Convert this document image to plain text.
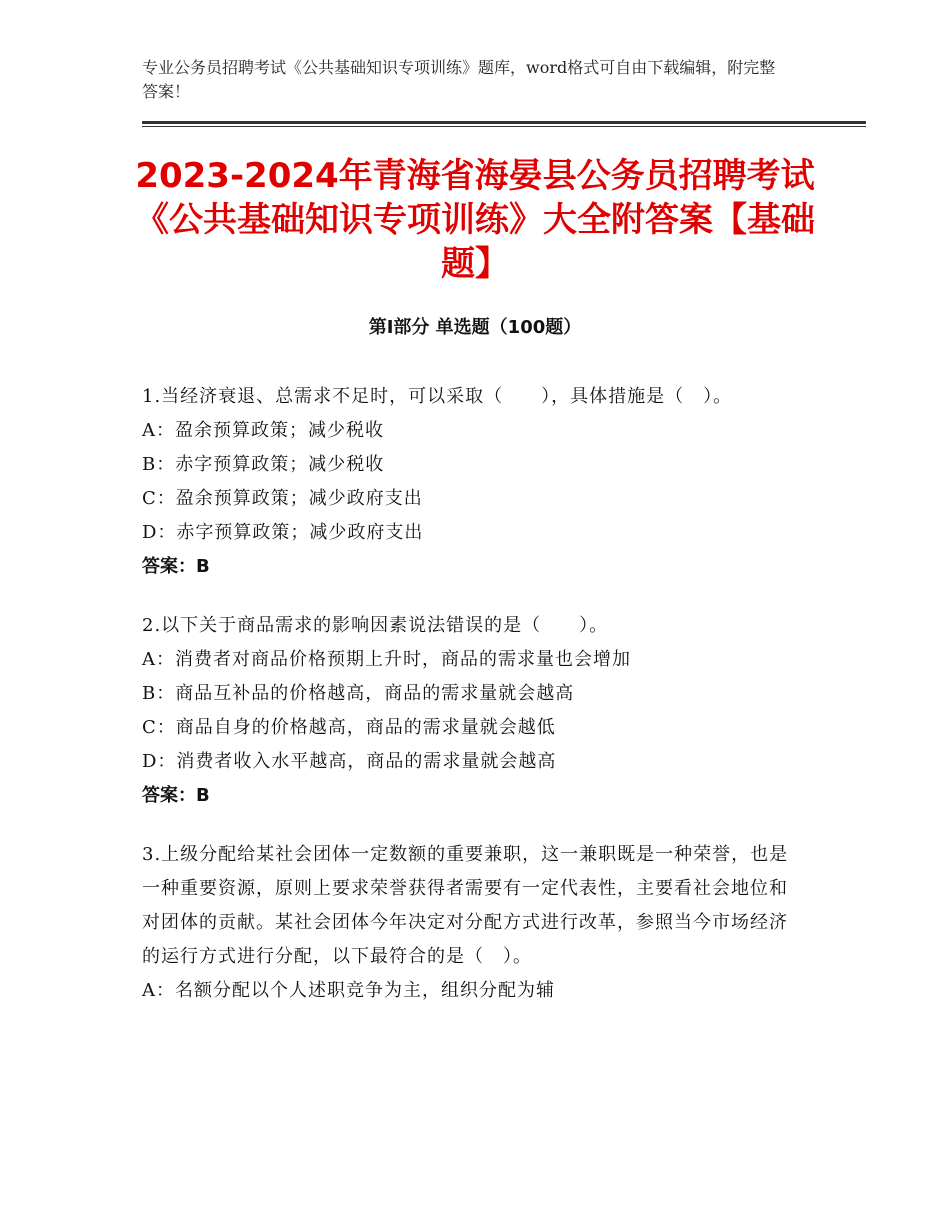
专业公务员招聘考试《公共基础知识专项训练》题库，word格式可自由下载编辑，附完整答案！
2023-2024年青海省海晏县公务员招聘考试《公共基础知识专项训练》大全附答案【基础题】
第Ⅰ部分 单选题（100题）
1.当经济衰退、总需求不足时，可以采取（　　），具体措施是（　）。
A：盈余预算政策；减少税收
B：赤字预算政策；减少税收
C：盈余预算政策；减少政府支出
D：赤字预算政策；减少政府支出
答案：B
2.以下关于商品需求的影响因素说法错误的是（　　）。
A：消费者对商品价格预期上升时，商品的需求量也会增加
B：商品互补品的价格越高，商品的需求量就会越高
C：商品自身的价格越高，商品的需求量就会越低
D：消费者收入水平越高，商品的需求量就会越高
答案：B
3.上级分配给某社会团体一定数额的重要兼职，这一兼职既是一种荣誉，也是一种重要资源，原则上要求荣誉获得者需要有一定代表性，主要看社会地位和对团体的贡献。某社会团体今年决定对分配方式进行改革，参照当今市场经济的运行方式进行分配，以下最符合的是（　）。
A：名额分配以个人述职竞争为主，组织分配为辅
